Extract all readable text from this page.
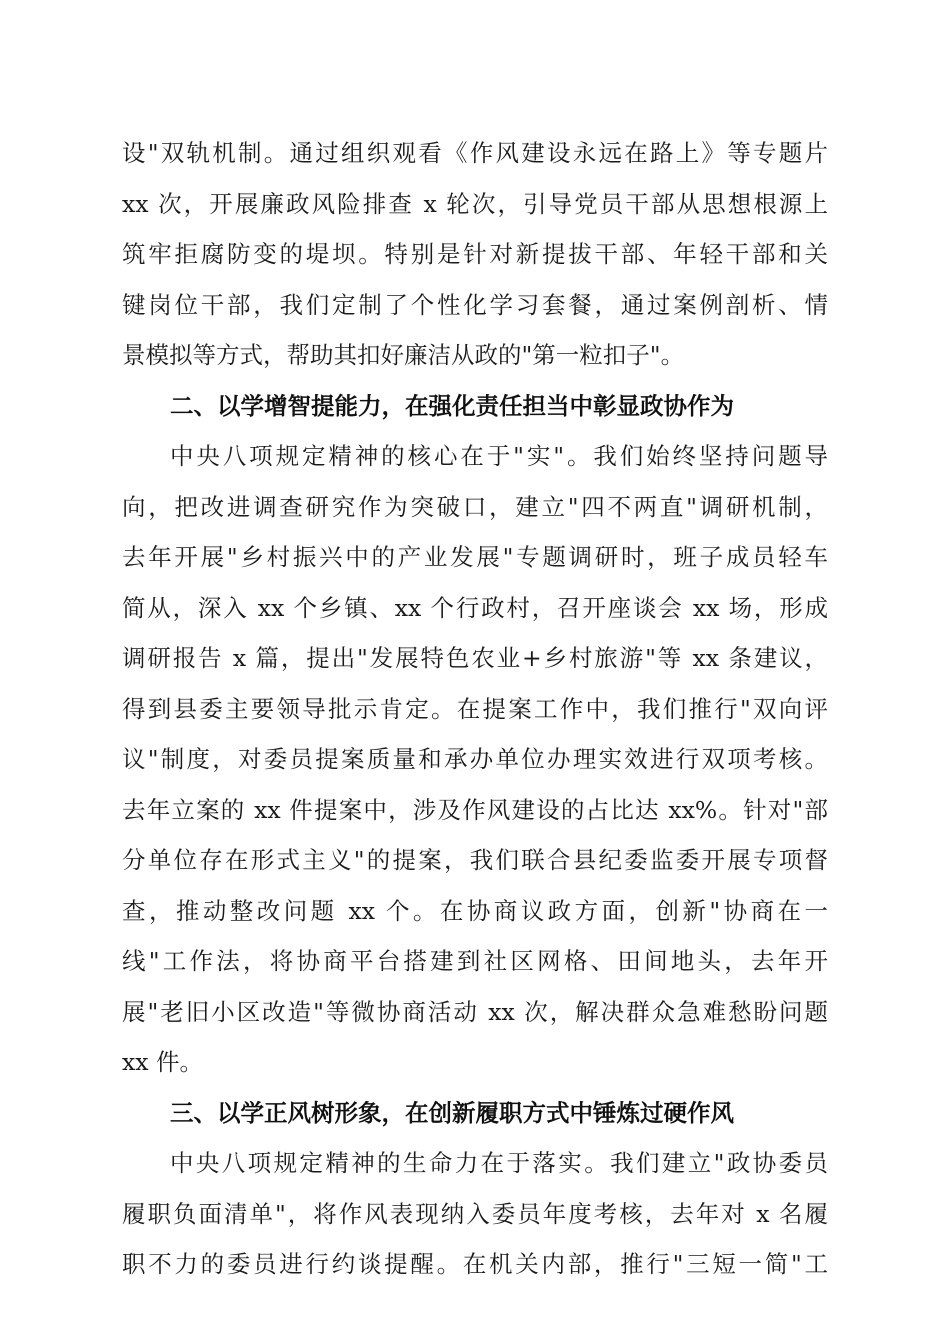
设"双轨机制。通过组织观看《作风建设永远在路上》等专题片
xx 次，开展廉政风险排查 x 轮次，引导党员干部从思想根源上
筑牢拒腐防变的堤坝。特别是针对新提拔干部、年轻干部和关
键岗位干部，我们定制了个性化学习套餐，通过案例剖析、情
景模拟等方式，帮助其扣好廉洁从政的"第一粒扣子"。
二、以学增智提能力，在强化责任担当中彰显政协作为
中央八项规定精神的核心在于"实"。我们始终坚持问题导
向，把改进调查研究作为突破口，建立"四不两直"调研机制，
去年开展"乡村振兴中的产业发展"专题调研时，班子成员轻车
简从，深入 xx 个乡镇、xx 个行政村，召开座谈会 xx 场，形成
调研报告 x 篇，提出"发展特色农业+乡村旅游"等 xx 条建议，
得到县委主要领导批示肯定。在提案工作中，我们推行"双向评
议"制度，对委员提案质量和承办单位办理实效进行双项考核。
去年立案的 xx 件提案中，涉及作风建设的占比达 xx%。针对"部
分单位存在形式主义"的提案，我们联合县纪委监委开展专项督
查，推动整改问题 xx 个。在协商议政方面，创新"协商在一
线"工作法，将协商平台搭建到社区网格、田间地头，去年开
展"老旧小区改造"等微协商活动 xx 次，解决群众急难愁盼问题
xx 件。
三、以学正风树形象，在创新履职方式中锤炼过硬作风
中央八项规定精神的生命力在于落实。我们建立"政协委员
履职负面清单"，将作风表现纳入委员年度考核，去年对 x 名履
职不力的委员进行约谈提醒。在机关内部，推行"三短一简"工
